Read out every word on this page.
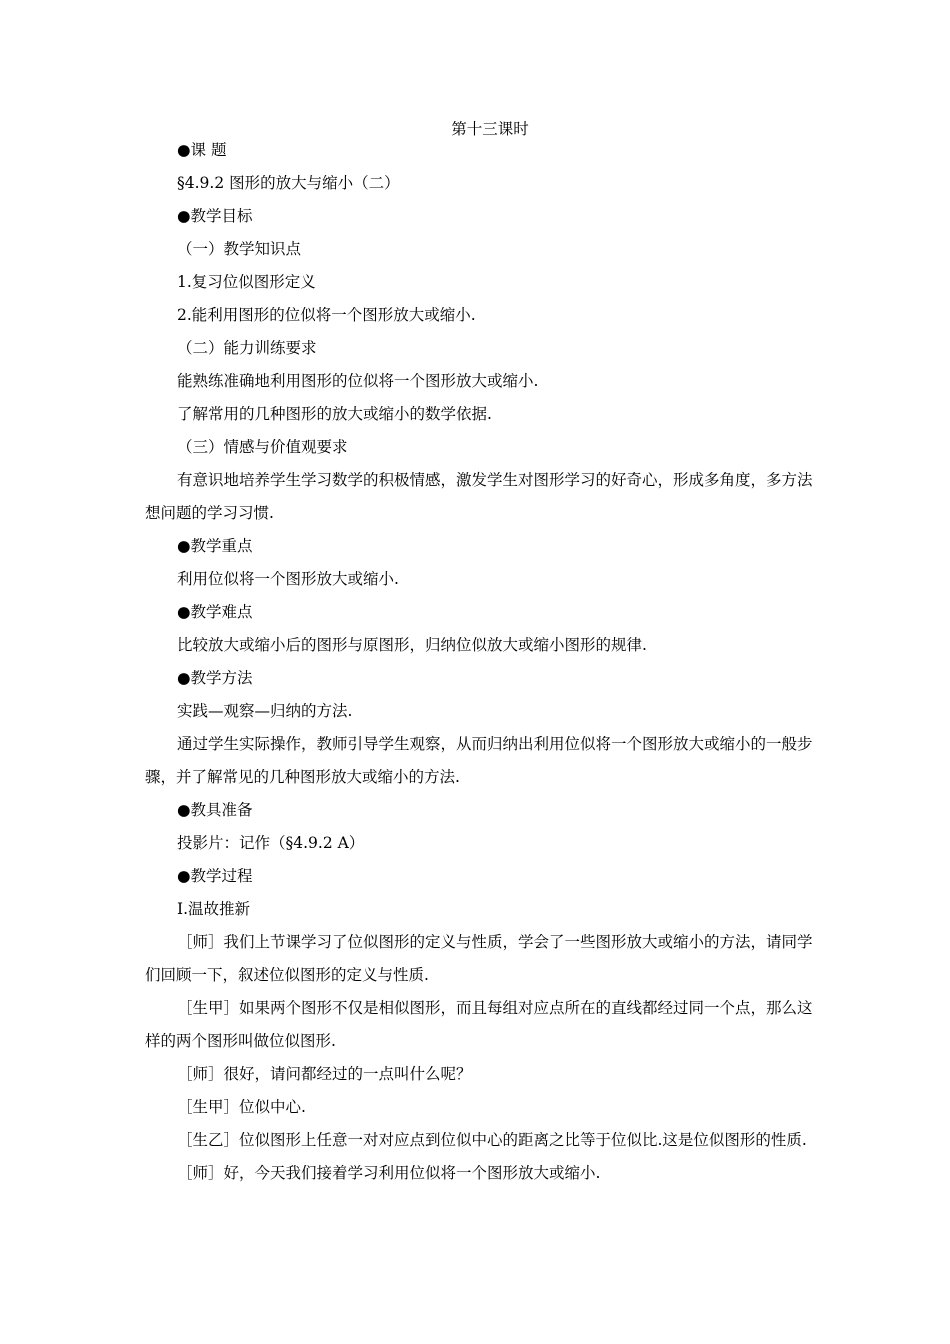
第十三课时
●课 题
§4.9.2 图形的放大与缩小（二）
●教学目标
（一）教学知识点
1.复习位似图形定义
2.能利用图形的位似将一个图形放大或缩小.
（二）能力训练要求
能熟练准确地利用图形的位似将一个图形放大或缩小.
了解常用的几种图形的放大或缩小的数学依据.
（三）情感与价值观要求
有意识地培养学生学习数学的积极情感，激发学生对图形学习的好奇心，形成多角度，多方法想问题的学习习惯.
●教学重点
利用位似将一个图形放大或缩小.
●教学难点
比较放大或缩小后的图形与原图形，归纳位似放大或缩小图形的规律.
●教学方法
实践—观察—归纳的方法.
通过学生实际操作，教师引导学生观察，从而归纳出利用位似将一个图形放大或缩小的一般步骤，并了解常见的几种图形放大或缩小的方法.
●教具准备
投影片：记作（§4.9.2 A）
●教学过程
Ⅰ.温故推新
［师］我们上节课学习了位似图形的定义与性质，学会了一些图形放大或缩小的方法，请同学们回顾一下，叙述位似图形的定义与性质.
［生甲］如果两个图形不仅是相似图形，而且每组对应点所在的直线都经过同一个点，那么这样的两个图形叫做位似图形.
［师］很好，请问都经过的一点叫什么呢？
［生甲］位似中心.
［生乙］位似图形上任意一对对应点到位似中心的距离之比等于位似比.这是位似图形的性质.
［师］好，今天我们接着学习利用位似将一个图形放大或缩小.
